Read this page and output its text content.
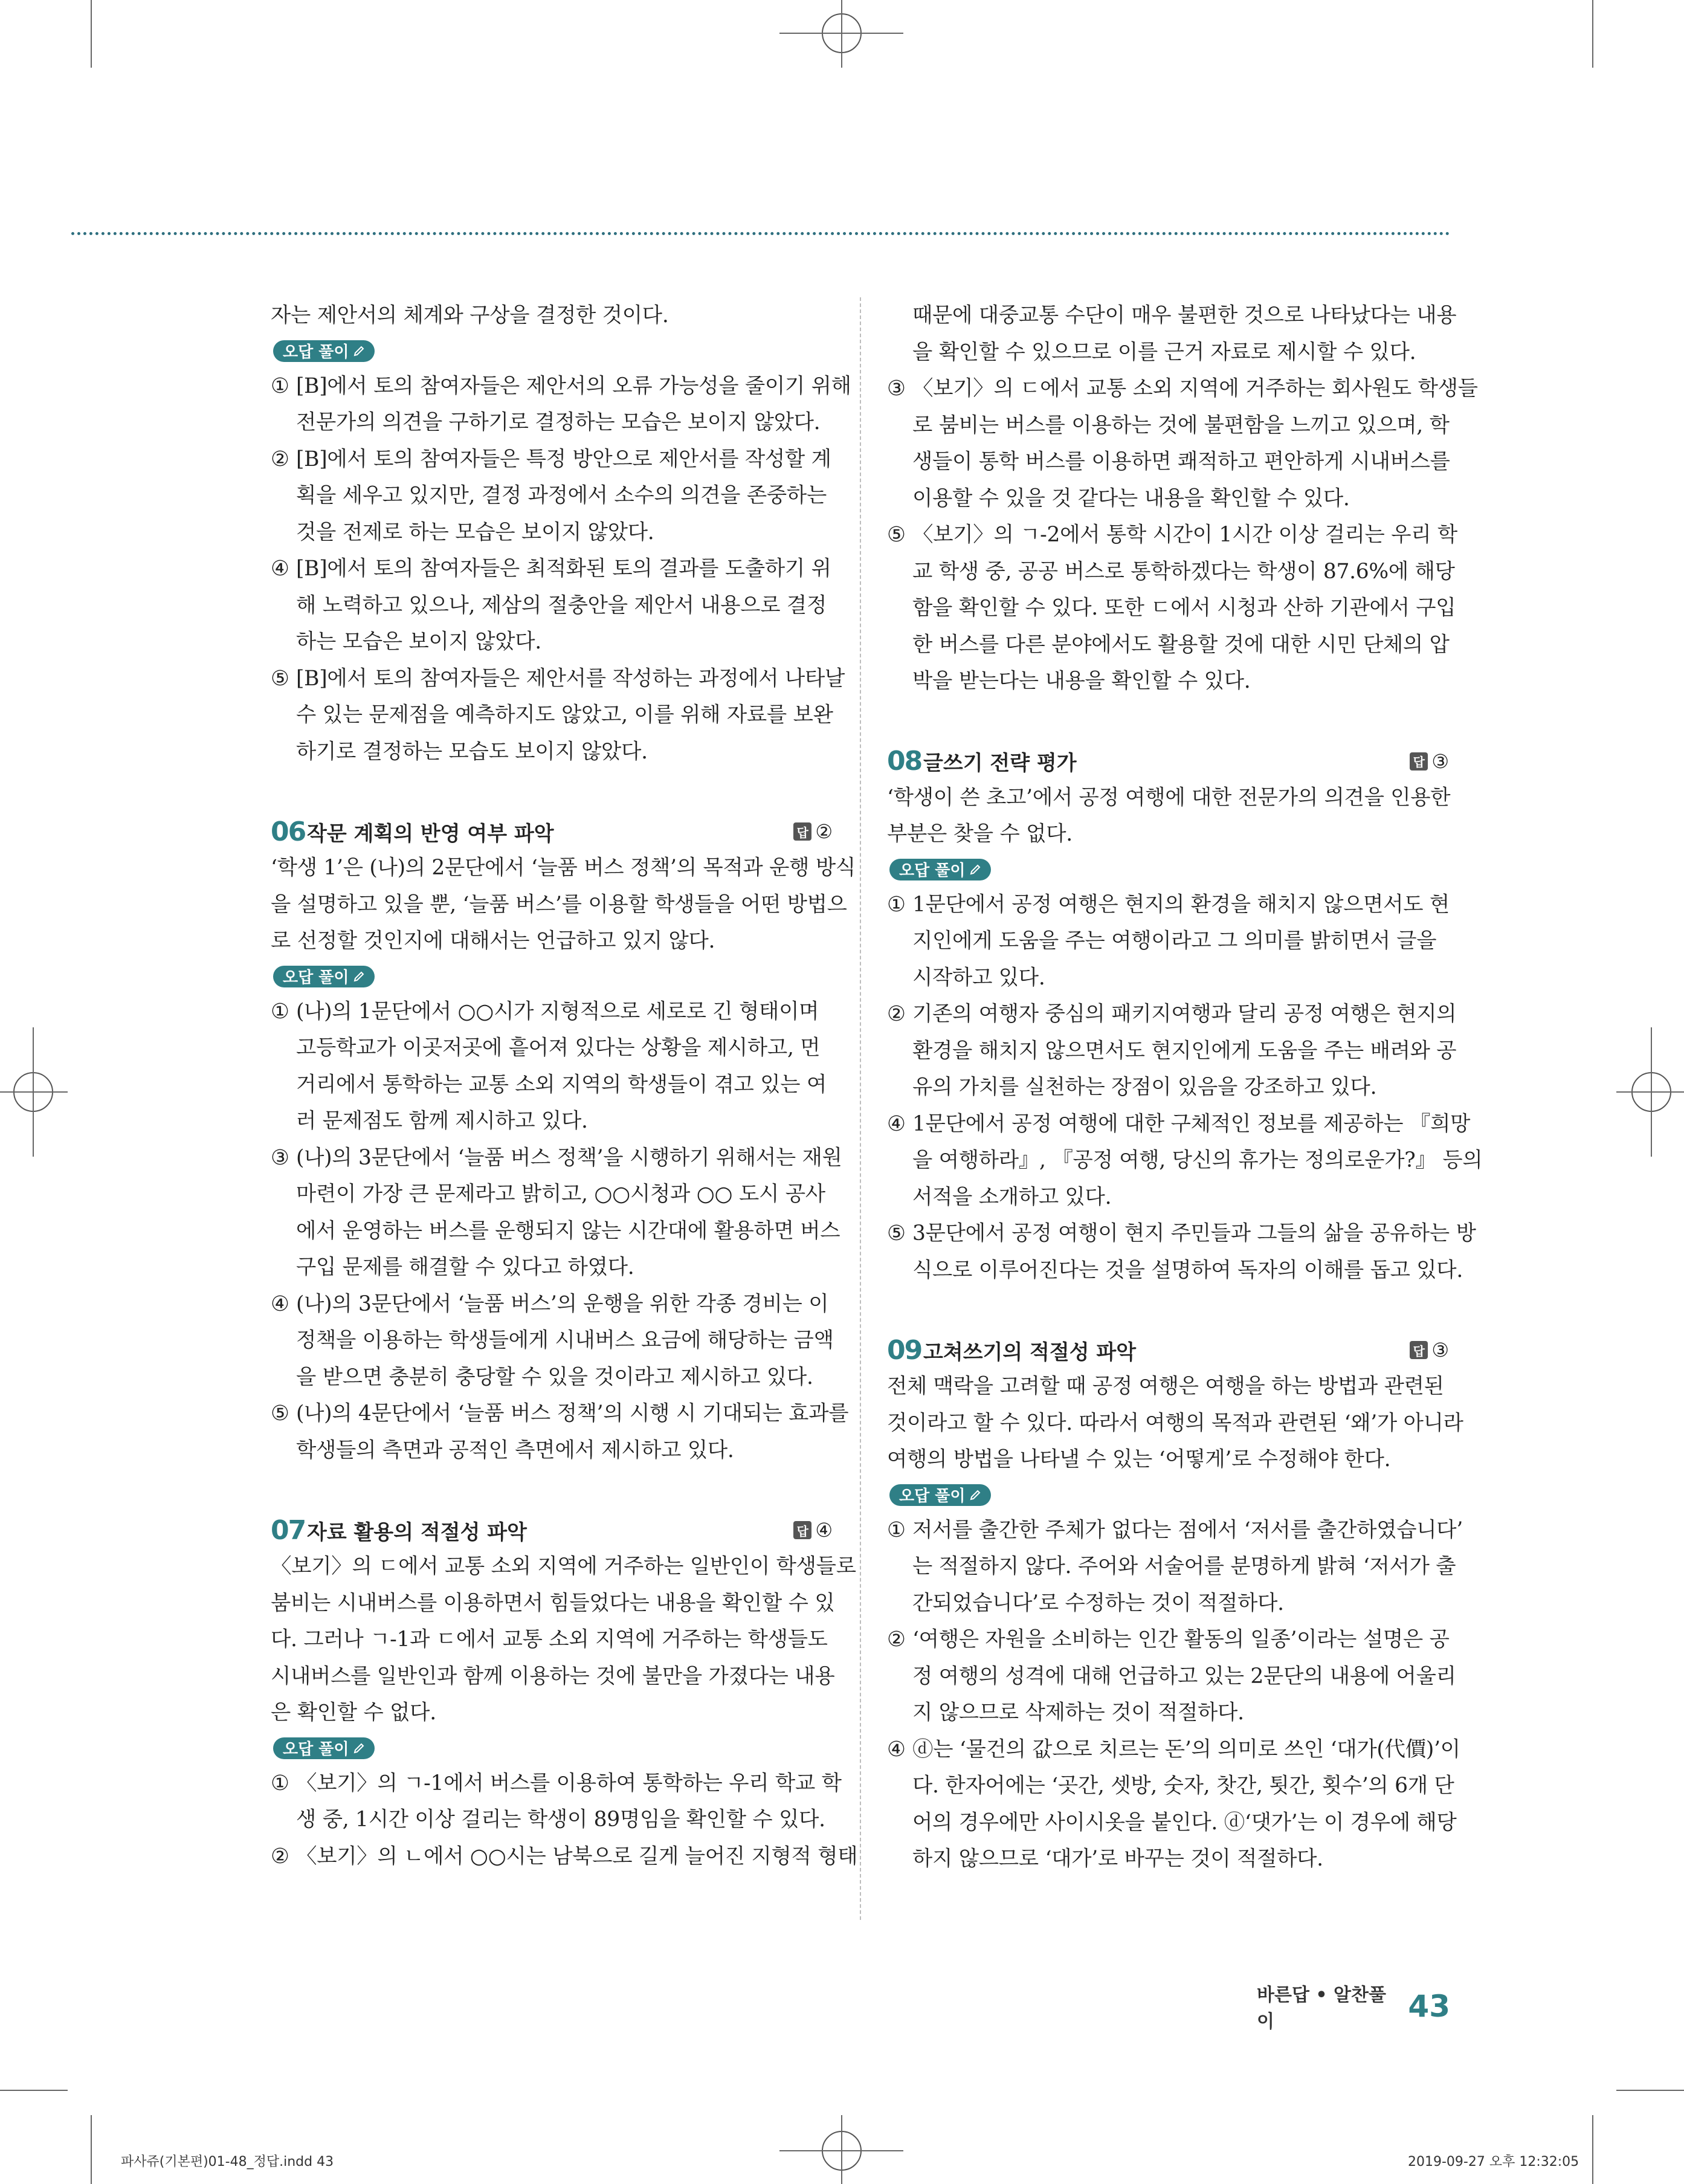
자는 제안서의 체계와 구상을 결정한 것이다.

오답 풀이
① [B]에서 토의 참여자들은 제안서의 오류 가능성을 줄이기 위해
전문가의 의견을 구하기로 결정하는 모습은 보이지 않았다.
② [B]에서 토의 참여자들은 특정 방안으로 제안서를 작성할 계
획을 세우고 있지만, 결정 과정에서 소수의 의견을 존중하는
것을 전제로 하는 모습은 보이지 않았다.
④ [B]에서 토의 참여자들은 최적화된 토의 결과를 도출하기 위
해 노력하고 있으나, 제삼의 절충안을 제안서 내용으로 결정
하는 모습은 보이지 않았다.
⑤ [B]에서 토의 참여자들은 제안서를 작성하는 과정에서 나타날
수 있는 문제점을 예측하지도 않았고, 이를 위해 자료를 보완
하기로 결정하는 모습도 보이지 않았다.
06 작문 계획의 반영 여부 파악	답 ②

‘학생 1’은 (나)의 2문단에서 ‘늘품 버스 정책’의 목적과 운행 방식

을 설명하고 있을 뿐, ‘늘품 버스’를 이용할 학생들을 어떤 방법으

로 선정할 것인지에 대해서는 언급하고 있지 않다.

오답 풀이
① (나)의 1문단에서 ○○시가 지형적으로 세로로 긴 형태이며
고등학교가 이곳저곳에 흩어져 있다는 상황을 제시하고, 먼
거리에서 통학하는 교통 소외 지역의 학생들이 겪고 있는 여
러 문제점도 함께 제시하고 있다.
③ (나)의 3문단에서 ‘늘품 버스 정책’을 시행하기 위해서는 재원
마련이 가장 큰 문제라고 밝히고, ○○시청과 ○○ 도시 공사
에서 운영하는 버스를 운행되지 않는 시간대에 활용하면 버스
구입 문제를 해결할 수 있다고 하였다.
④ (나)의 3문단에서 ‘늘품 버스’의 운행을 위한 각종 경비는 이
정책을 이용하는 학생들에게 시내버스 요금에 해당하는 금액
을 받으면 충분히 충당할 수 있을 것이라고 제시하고 있다.
⑤ (나)의 4문단에서 ‘늘품 버스 정책’의 시행 시 기대되는 효과를
학생들의 측면과 공적인 측면에서 제시하고 있다.
07 자료 활용의 적절성 파악	답 ④

〈보기〉의 ㄷ에서 교통 소외 지역에 거주하는 일반인이 학생들로

붐비는 시내버스를 이용하면서 힘들었다는 내용을 확인할 수 있

다. 그러나 ㄱ-1과 ㄷ에서 교통 소외 지역에 거주하는 학생들도

시내버스를 일반인과 함께 이용하는 것에 불만을 가졌다는 내용

은 확인할 수 없다.

오답 풀이
① 〈보기〉의 ㄱ-1에서 버스를 이용하여 통학하는 우리 학교 학
생 중, 1시간 이상 걸리는 학생이 89명임을 확인할 수 있다.
② 〈보기〉의 ㄴ에서 ○○시는 남북으로 길게 늘어진 지형적 형태

때문에 대중교통 수단이 매우 불편한 것으로 나타났다는 내용

을 확인할 수 있으므로 이를 근거 자료로 제시할 수 있다.

③ 〈보기〉의 ㄷ에서 교통 소외 지역에 거주하는 회사원도 학생들
로 붐비는 버스를 이용하는 것에 불편함을 느끼고 있으며, 학
생들이 통학 버스를 이용하면 쾌적하고 편안하게 시내버스를
이용할 수 있을 것 같다는 내용을 확인할 수 있다.
⑤ 〈보기〉의 ㄱ-2에서 통학 시간이 1시간 이상 걸리는 우리 학
교 학생 중, 공공 버스로 통학하겠다는 학생이 87.6%에 해당
함을 확인할 수 있다. 또한 ㄷ에서 시청과 산하 기관에서 구입
한 버스를 다른 분야에서도 활용할 것에 대한 시민 단체의 압
박을 받는다는 내용을 확인할 수 있다.
08 글쓰기 전략 평가	답 ③

‘학생이 쓴 초고’에서 공정 여행에 대한 전문가의 의견을 인용한

부분은 찾을 수 없다.

오답 풀이
① 1문단에서 공정 여행은 현지의 환경을 해치지 않으면서도 현
지인에게 도움을 주는 여행이라고 그 의미를 밝히면서 글을
시작하고 있다.
② 기존의 여행자 중심의 패키지여행과 달리 공정 여행은 현지의
환경을 해치지 않으면서도 현지인에게 도움을 주는 배려와 공
유의 가치를 실천하는 장점이 있음을 강조하고 있다.
④ 1문단에서 공정 여행에 대한 구체적인 정보를 제공하는 『희망
을 여행하라』, 『공정 여행, 당신의 휴가는 정의로운가?』 등의
서적을 소개하고 있다.
⑤ 3문단에서 공정 여행이 현지 주민들과 그들의 삶을 공유하는 방
식으로 이루어진다는 것을 설명하여 독자의 이해를 돕고 있다.
09 고쳐쓰기의 적절성 파악	답 ③

전체 맥락을 고려할 때 공정 여행은 여행을 하는 방법과 관련된

것이라고 할 수 있다. 따라서 여행의 목적과 관련된 ‘왜’가 아니라

여행의 방법을 나타낼 수 있는 ‘어떻게’로 수정해야 한다.

오답 풀이
① 저서를 출간한 주체가 없다는 점에서 ‘저서를 출간하였습니다’
는 적절하지 않다. 주어와 서술어를 분명하게 밝혀 ‘저서가 출
간되었습니다’로 수정하는 것이 적절하다.
② ‘여행은 자원을 소비하는 인간 활동의 일종’이라는 설명은 공
정 여행의 성격에 대해 언급하고 있는 2문단의 내용에 어울리
지 않으므로 삭제하는 것이 적절하다.
④ ⓓ는 ‘물건의 값으로 치르는 돈’의 의미로 쓰인 ‘대가(代價)’이
다. 한자어에는 ‘곳간, 셋방, 숫자, 찻간, 툇간, 횟수’의 6개 단
어의 경우에만 사이시옷을 붙인다. ⓓ‘댓가’는 이 경우에 해당
하지 않으므로 ‘대가’로 바꾸는 것이 적절하다.
바른답 • 알찬풀이	43
파사쥬(기본편)01-48_정답.indd 43	2019-09-27 오후 12:32:05
